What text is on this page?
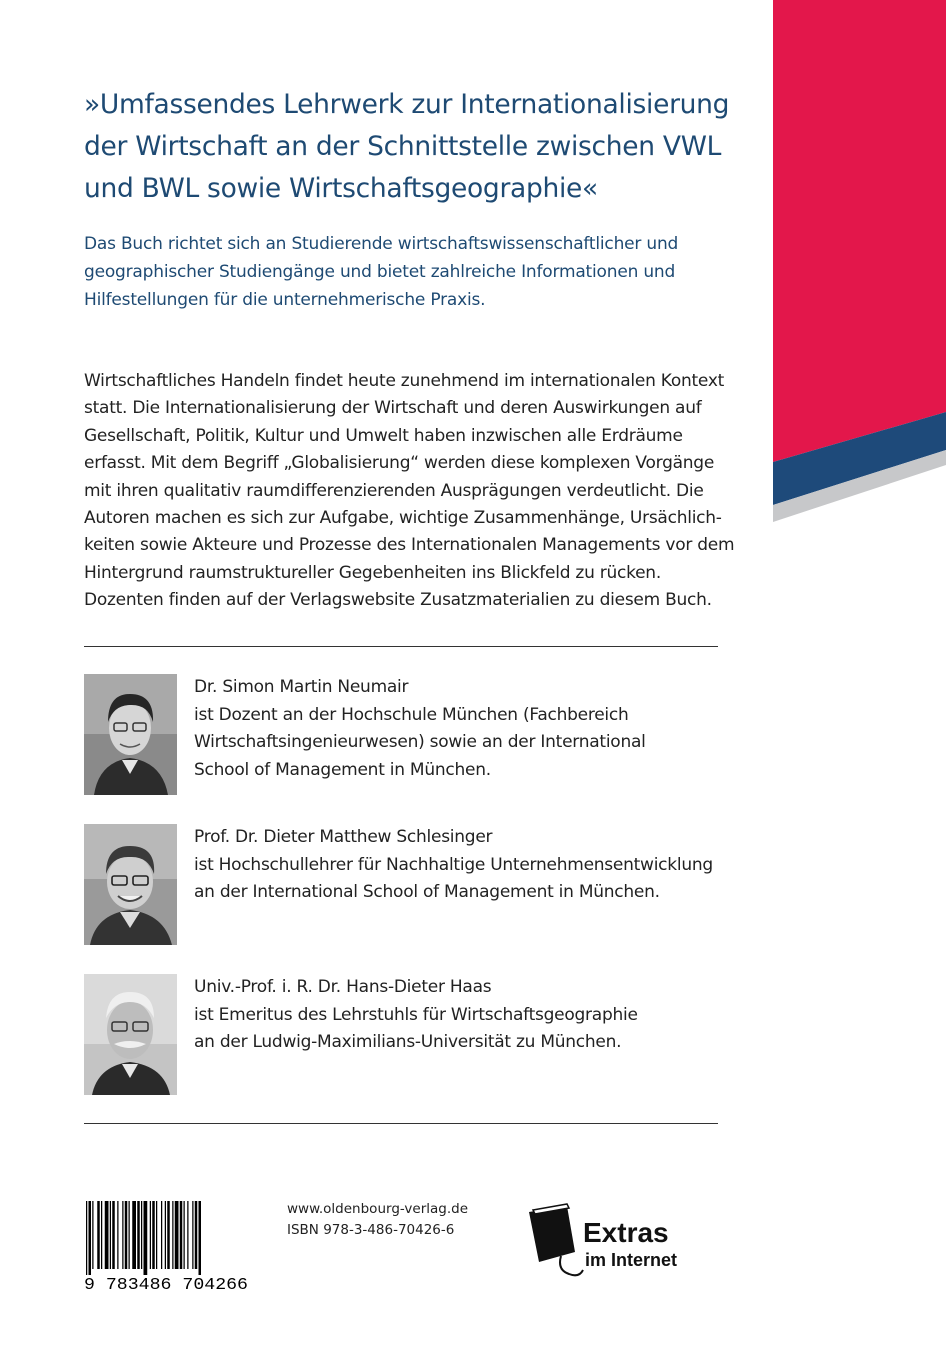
»Umfassendes Lehrwerk zur Internationalisierung
der Wirtschaft an der Schnittstelle zwischen VWL
und BWL sowie Wirtschaftsgeographie«
Das Buch richtet sich an Studierende wirtschaftswissenschaftlicher und
geographischer Studiengänge und bietet zahlreiche Informationen und
Hilfestellungen für die unternehmerische Praxis.
Wirtschaftliches Handeln findet heute zunehmend im internationalen Kontext
statt. Die Internationalisierung der Wirtschaft und deren Auswirkungen auf
Gesellschaft, Politik, Kultur und Umwelt haben inzwischen alle Erdräume
erfasst. Mit dem Begriff „Globalisierung“ werden diese komplexen Vorgänge
mit ihren qualitativ raumdifferenzierenden Ausprägungen verdeutlicht. Die
Autoren machen es sich zur Aufgabe, wichtige Zusammenhänge, Ursächlich-
keiten sowie Akteure und Prozesse des Internationalen Managements vor dem
Hintergrund raumstruktureller Gegebenheiten ins Blickfeld zu rücken.
Dozenten finden auf der Verlagswebsite Zusatzmaterialien zu diesem Buch.
Dr. Simon Martin Neumair
ist Dozent an der Hochschule München (Fachbereich
Wirtschaftsingenieurwesen) sowie an der International
School of Management in München.
Prof. Dr. Dieter Matthew Schlesinger
ist Hochschullehrer für Nachhaltige Unternehmensentwicklung
an der International School of Management in München.
Univ.-Prof. i. R. Dr. Hans-Dieter Haas
ist Emeritus des Lehrstuhls für Wirtschaftsgeographie
an der Ludwig-Maximilians-Universität zu München.
9 783486 704266
www.oldenbourg-verlag.de
ISBN 978-3-486-70426-6	Extras
im Internet
